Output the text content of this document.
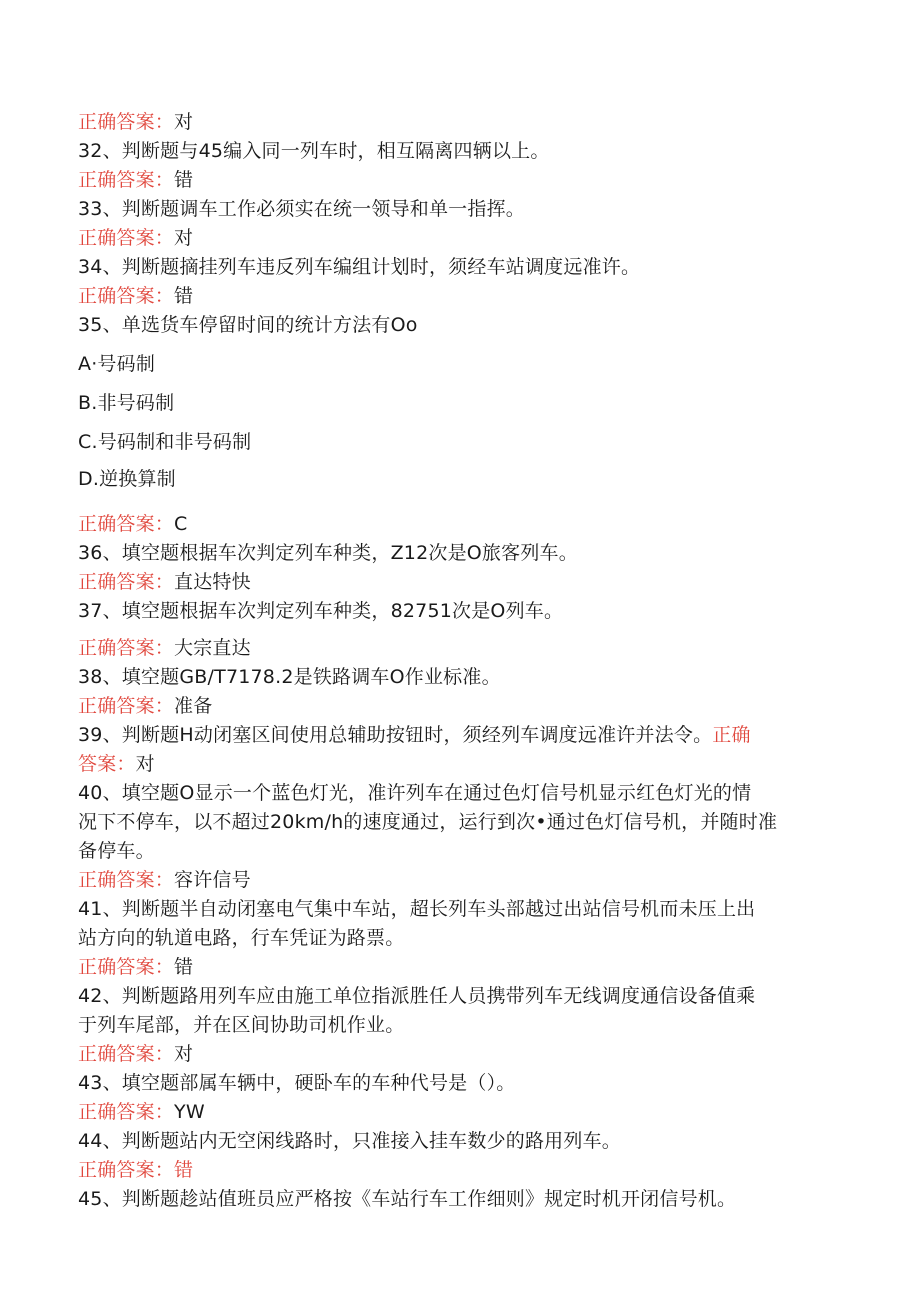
正确答案：对
32、判断题与45编入同一列车时，相互隔离四辆以上。
正确答案：错
33、判断题调车工作必须实在统一领导和单一指挥。
正确答案：对
34、判断题摘挂列车违反列车编组计划时，须经车站调度远准许。
正确答案：错
35、单选货车停留时间的统计方法有Oo
A·号码制
B.非号码制
C.号码制和非号码制
D.逆换算制
正确答案：C
36、填空题根据车次判定列车种类，Z12次是O旅客列车。
正确答案：直达特快
37、填空题根据车次判定列车种类，82751次是O列车。
正确答案：大宗直达
38、填空题GB/T7178.2是铁路调车O作业标准。
正确答案：准备
39、判断题H动闭塞区间使用总辅助按钮时，须经列车调度远准许并法令。正确
答案：对
40、填空题O显示一个蓝色灯光，准许列车在通过色灯信号机显示红色灯光的情
况下不停车，以不超过20km/h的速度通过，运行到次•通过色灯信号机，并随时准
备停车。
正确答案：容许信号
41、判断题半自动闭塞电气集中车站，超长列车头部越过出站信号机而未压上出
站方向的轨道电路，行车凭证为路票。
正确答案：错
42、判断题路用列车应由施工单位指派胜任人员携带列车无线调度通信设备值乘
于列车尾部，并在区间协助司机作业。
正确答案：对
43、填空题部属车辆中，硬卧车的车种代号是（）。
正确答案：YW
44、判断题站内无空闲线路时，只准接入挂车数少的路用列车。
正确答案：错
45、判断题趁站值班员应严格按《车站行车工作细则》规定时机开闭信号机。
